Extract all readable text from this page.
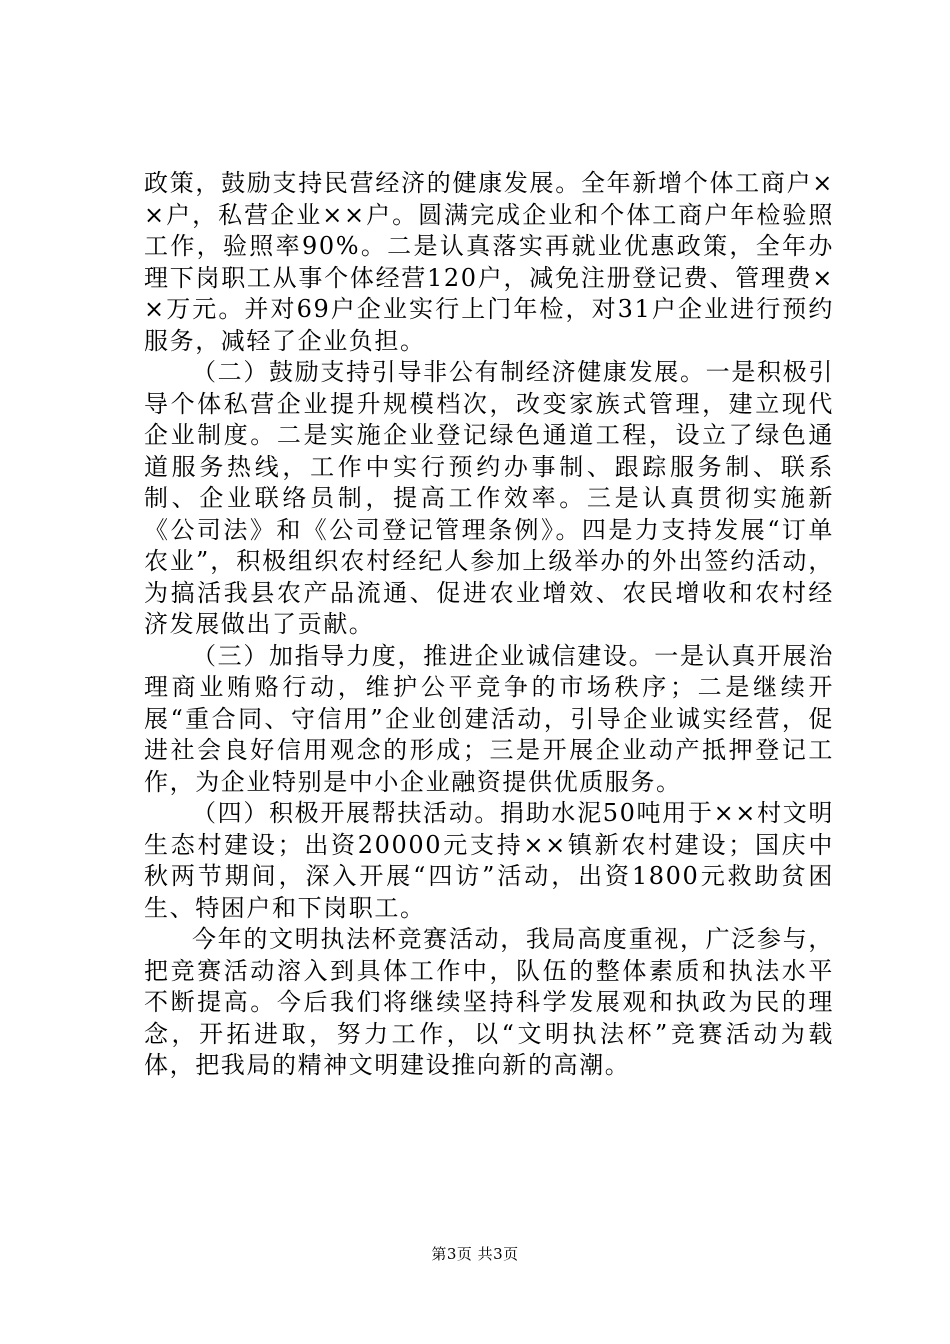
政策，鼓励支持民营经济的健康发展。全年新增个体工商户××户，私营企业××户。圆满完成企业和个体工商户年检验照工作，验照率90%。二是认真落实再就业优惠政策，全年办理下岗职工从事个体经营120户，减免注册登记费、管理费××万元。并对69户企业实行上门年检，对31户企业进行预约服务，减轻了企业负担。

（二）鼓励支持引导非公有制经济健康发展。一是积极引导个体私营企业提升规模档次，改变家族式管理，建立现代企业制度。二是实施企业登记绿色通道工程，设立了绿色通道服务热线，工作中实行预约办事制、跟踪服务制、联系制、企业联络员制，提高工作效率。三是认真贯彻实施新《公司法》和《公司登记管理条例》。四是力支持发展“订单农业”，积极组织农村经纪人参加上级举办的外出签约活动，为搞活我县农产品流通、促进农业增效、农民增收和农村经济发展做出了贡献。

（三）加指导力度，推进企业诚信建设。一是认真开展治理商业贿赂行动，维护公平竞争的市场秩序；二是继续开展“重合同、守信用”企业创建活动，引导企业诚实经营，促进社会良好信用观念的形成；三是开展企业动产抵押登记工作，为企业特别是中小企业融资提供优质服务。

（四）积极开展帮扶活动。捐助水泥50吨用于××村文明生态村建设；出资20000元支持××镇新农村建设；国庆中秋两节期间，深入开展“四访”活动，出资1800元救助贫困生、特困户和下岗职工。

今年的文明执法杯竞赛活动，我局高度重视，广泛参与，把竞赛活动溶入到具体工作中，队伍的整体素质和执法水平不断提高。今后我们将继续坚持科学发展观和执政为民的理念，开拓进取，努力工作，以“文明执法杯”竞赛活动为载体，把我局的精神文明建设推向新的高潮。

第3页 共3页
